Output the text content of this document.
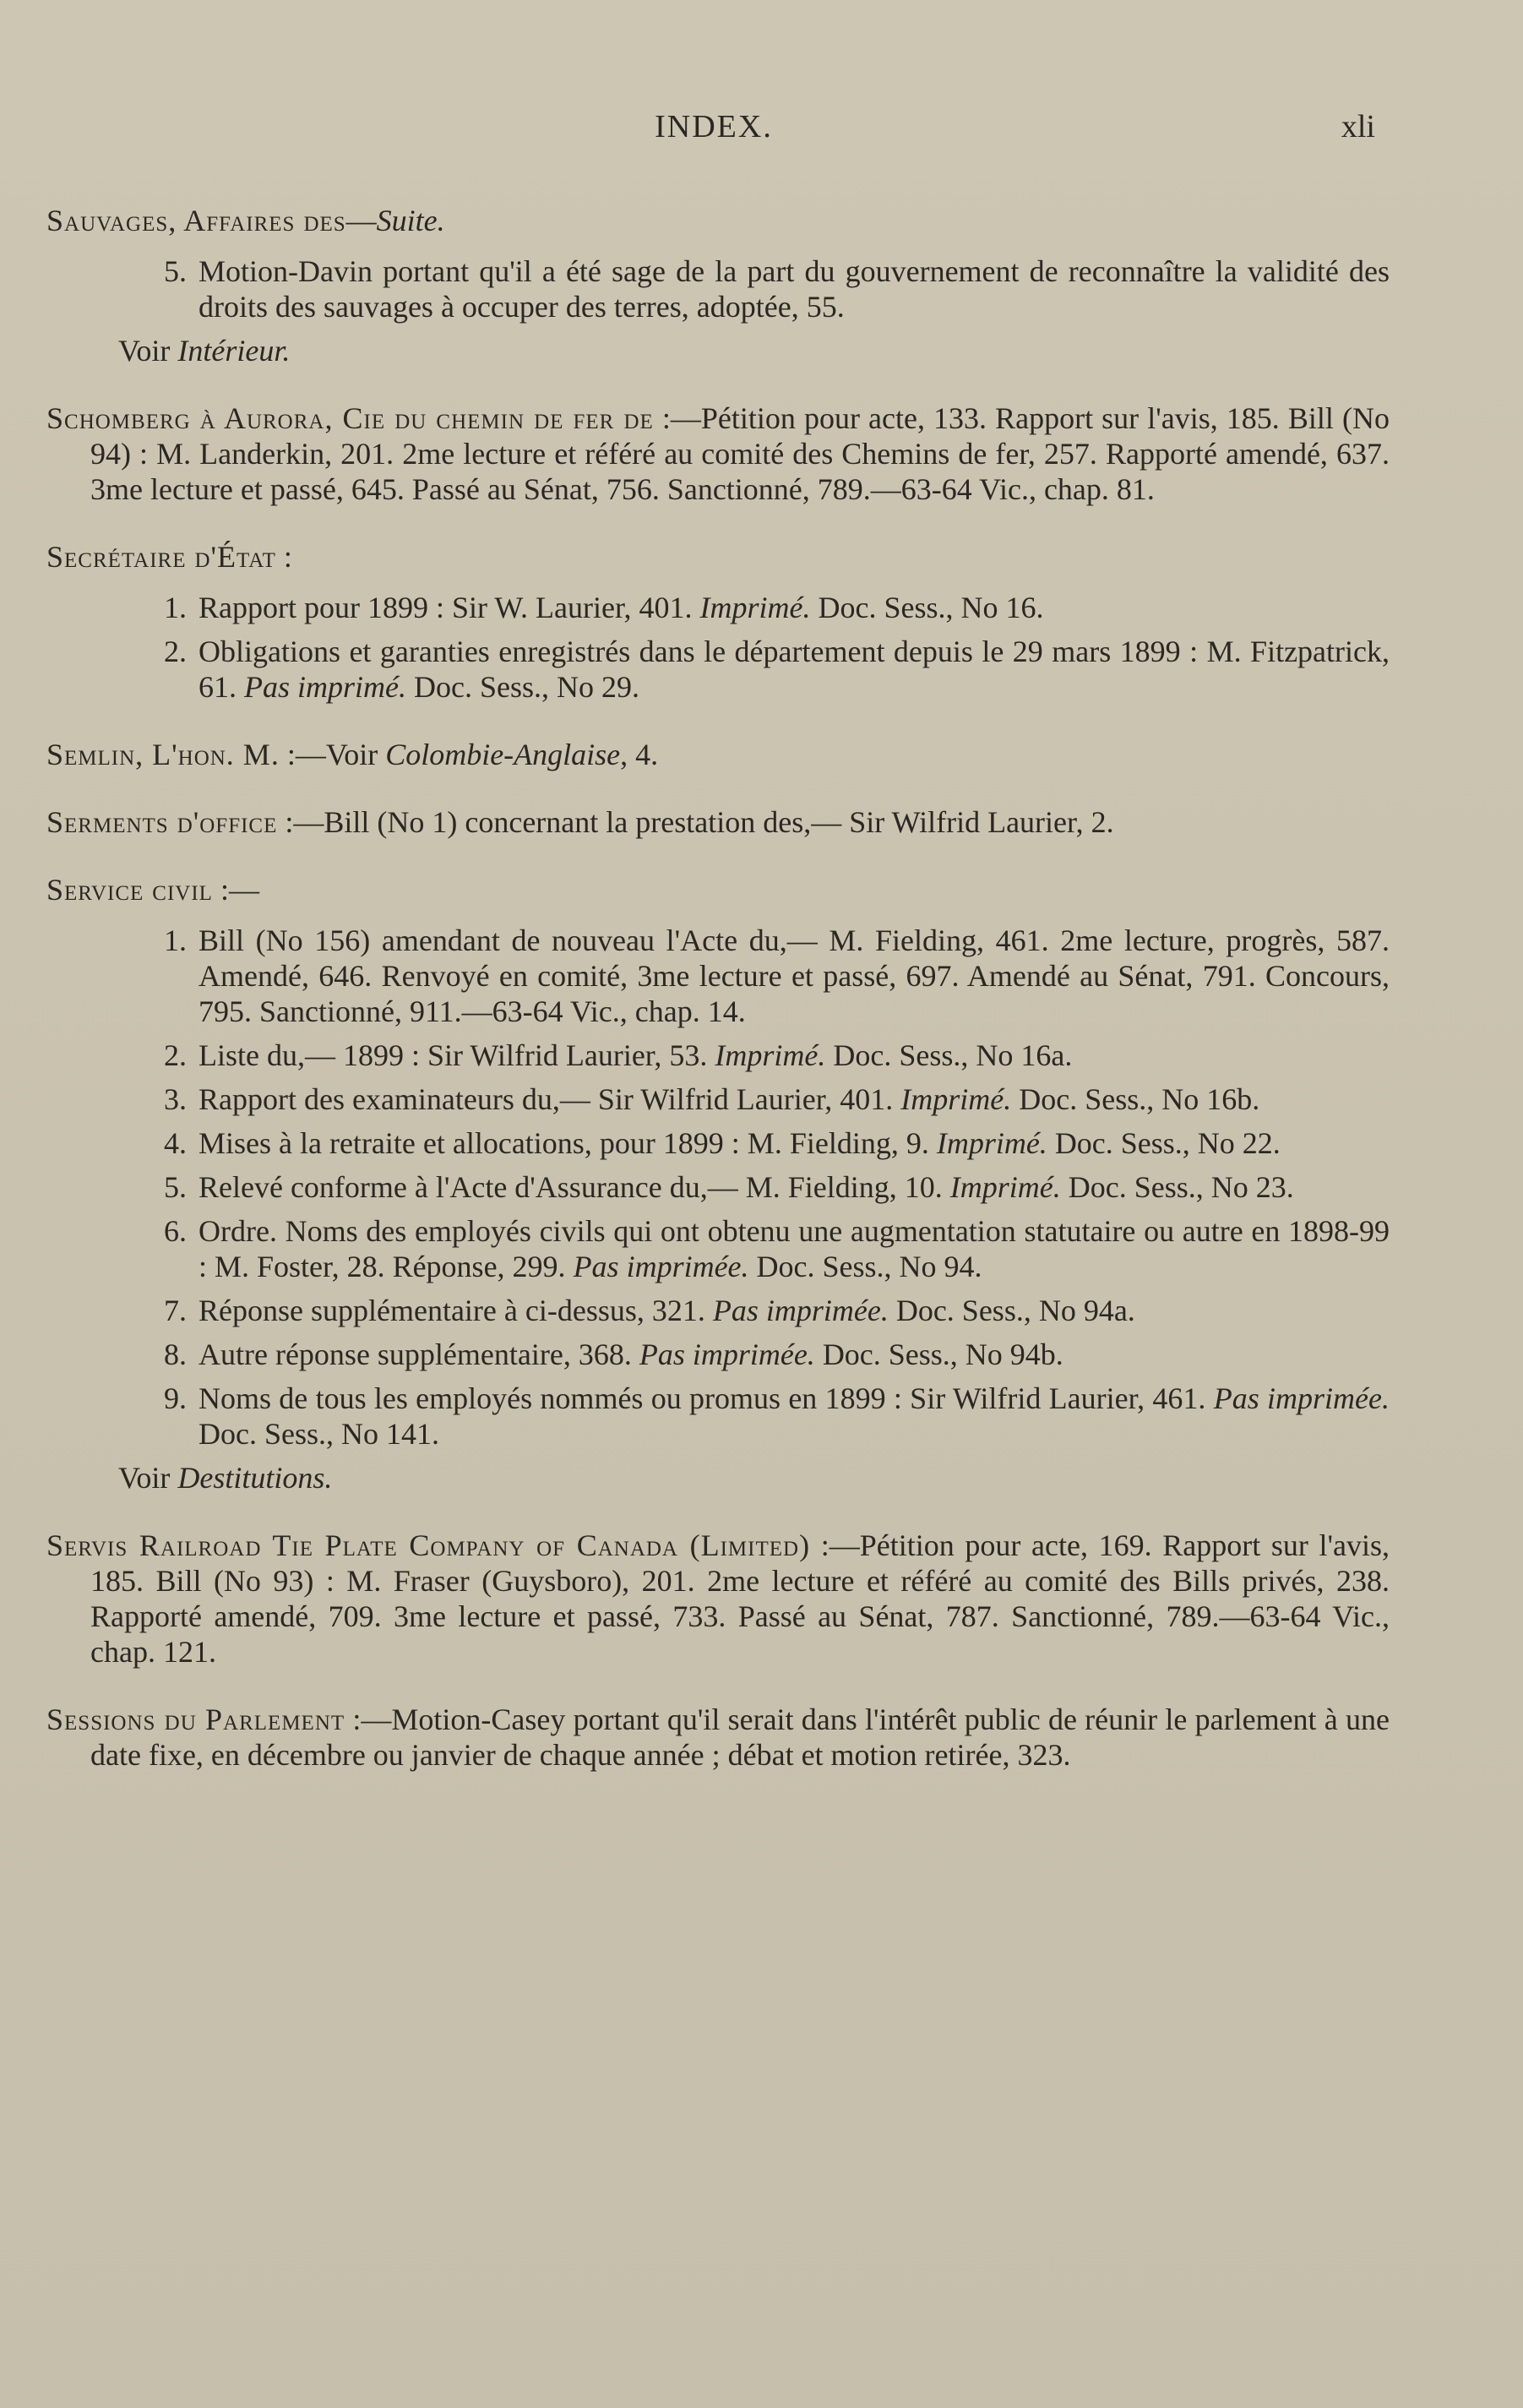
INDEX.	xli
Sauvages, Affaires des—Suite.
5. Motion-Davin portant qu'il a été sage de la part du gouvernement de reconnaître la validité des droits des sauvages à occuper des terres, adoptée, 55.
Voir Intérieur.
Schomberg à Aurora, Cie du chemin de fer de :—Pétition pour acte, 133. Rapport sur l'avis, 185. Bill (No 94) : M. Landerkin, 201. 2me lecture et référé au comité des Chemins de fer, 257. Rapporté amendé, 637. 3me lecture et passé, 645. Passé au Sénat, 756. Sanctionné, 789.—63-64 Vic., chap. 81.
Secrétaire d'État :
1. Rapport pour 1899 : Sir W. Laurier, 401. Imprimé. Doc. Sess., No 16.
2. Obligations et garanties enregistrés dans le département depuis le 29 mars 1899 : M. Fitzpatrick, 61. Pas imprimé. Doc. Sess., No 29.
Semlin, L'hon. M. :—Voir Colombie-Anglaise, 4.
Serments d'office :—Bill (No 1) concernant la prestation des,— Sir Wilfrid Laurier, 2.
Service civil :—
1. Bill (No 156) amendant de nouveau l'Acte du,— M. Fielding, 461. 2me lecture, progrès, 587. Amendé, 646. Renvoyé en comité, 3me lecture et passé, 697. Amendé au Sénat, 791. Concours, 795. Sanctionné, 911.—63-64 Vic., chap. 14.
2. Liste du,— 1899 : Sir Wilfrid Laurier, 53. Imprimé. Doc. Sess., No 16a.
3. Rapport des examinateurs du,— Sir Wilfrid Laurier, 401. Imprimé. Doc. Sess., No 16b.
4. Mises à la retraite et allocations, pour 1899 : M. Fielding, 9. Imprimé. Doc. Sess., No 22.
5. Relevé conforme à l'Acte d'Assurance du,— M. Fielding, 10. Imprimé. Doc. Sess., No 23.
6. Ordre. Noms des employés civils qui ont obtenu une augmentation statutaire ou autre en 1898-99 : M. Foster, 28. Réponse, 299. Pas imprimée. Doc. Sess., No 94.
7. Réponse supplémentaire à ci-dessus, 321. Pas imprimée. Doc. Sess., No 94a.
8. Autre réponse supplémentaire, 368. Pas imprimée. Doc. Sess., No 94b.
9. Noms de tous les employés nommés ou promus en 1899 : Sir Wilfrid Laurier, 461. Pas imprimée. Doc. Sess., No 141.
Voir Destitutions.
Servis Railroad Tie Plate Company of Canada (Limited) :—Pétition pour acte, 169. Rapport sur l'avis, 185. Bill (No 93) : M. Fraser (Guysboro), 201. 2me lecture et référé au comité des Bills privés, 238. Rapporté amendé, 709. 3me lecture et passé, 733. Passé au Sénat, 787. Sanctionné, 789.—63-64 Vic., chap. 121.
Sessions du Parlement :—Motion-Casey portant qu'il serait dans l'intérêt public de réunir le parlement à une date fixe, en décembre ou janvier de chaque année ; débat et motion retirée, 323.
